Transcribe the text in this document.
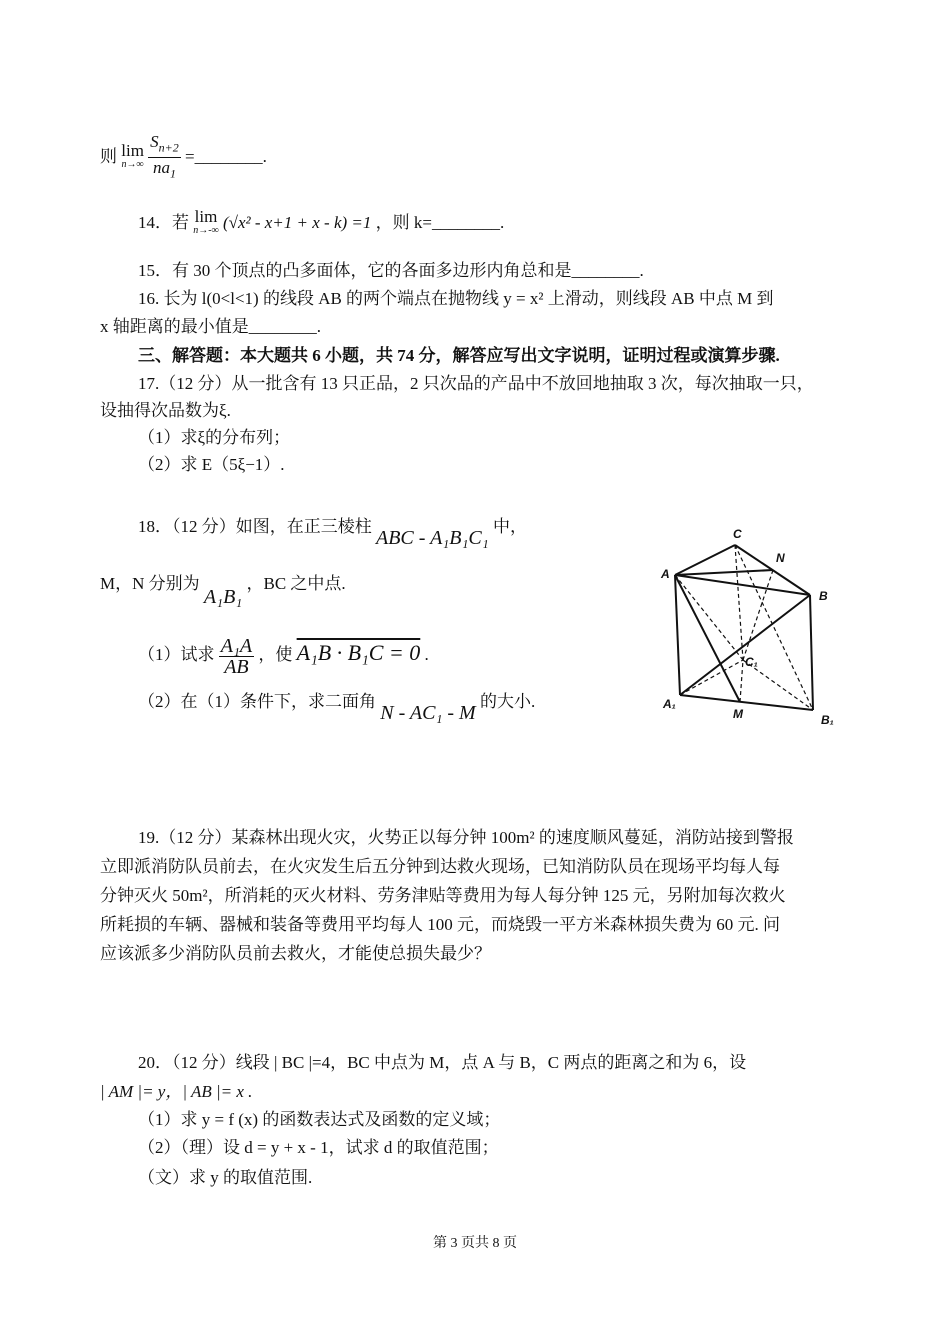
则 lim
n→∞
$\frac{S_{n+2}}{na_1}$ =________.
14．若 lim
n→-∞ (√x² - x+1 + x - k) =1 ，则 k=________.
15．有 30 个顶点的凸多面体，它的各面多边形内角总和是________.
16. 长为 l(0<l<1) 的线段 AB 的两个端点在抛物线 y = x² 上滑动，则线段 AB 中点 M 到
x 轴距离的最小值是________.
三、解答题：本大题共 6 小题，共 74 分，解答应写出文字说明，证明过程或演算步骤.
17.（12 分）从一批含有 13 只正品，2 只次品的产品中不放回地抽取 3 次，每次抽取一只，
设抽得次品数为ξ.
（1）求ξ的分布列；
（2）求 E（5ξ−1）.
18．（12 分）如图，在正三棱柱 ABC - A₁B₁C₁ 中，
M，N 分别为 A₁B₁ ，BC 之中点.
（1）试求 $\frac{\text{A₁A}}{AB}$ ，使 A₁B · B₁C = 0 .
（2）在（1）条件下，求二面角 N - AC₁ - M 的大小.
C
N
A
B
C₁
A₁
M	B₁
19.（12 分）某森林出现火灾，火势正以每分钟 100m² 的速度顺风蔓延，消防站接到警报
立即派消防队员前去，在火灾发生后五分钟到达救火现场，已知消防队员在现场平均每人每
分钟灭火 50m²，所消耗的灭火材料、劳务津贴等费用为每人每分钟 125 元，另附加每次救火
所耗损的车辆、器械和装备等费用平均每人 100 元，而烧毁一平方米森林损失费为 60 元. 问
应该派多少消防队员前去救火，才能使总损失最少？
20．（12 分）线段 | BC |=4，BC 中点为 M，点 A 与 B，C 两点的距离之和为 6，设
| AM |= y，| AB |= x .
（1）求 y = f (x) 的函数表达式及函数的定义域；
（2）（理）设 d = y + x - 1，试求 d 的取值范围；
（文）求 y 的取值范围.
第 3 页共 8 页
